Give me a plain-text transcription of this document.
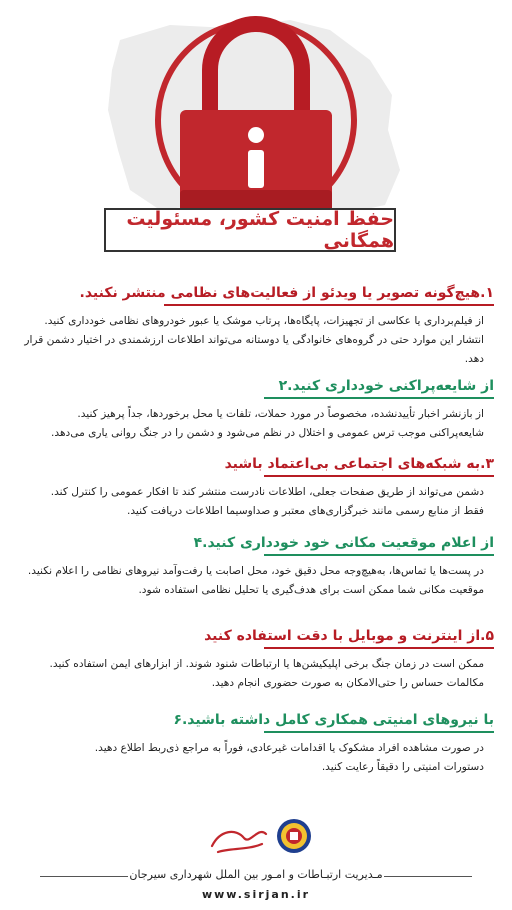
حفظ امنیت کشور، مسئولیت همگانی
۱.هیچ‌گونه تصویر یا ویدئو از فعالیت‌های نظامی منتشر نکنید.

از فیلم‌برداری یا عکاسی از تجهیزات، پایگاه‌ها، پرتاب موشک یا عبور خودروهای نظامی خودداری کنید.

انتشار این موارد حتی در گروه‌های خانوادگی یا دوستانه می‌تواند اطلاعات ارزشمندی در اختیار دشمن قرار دهد.

از شایعه‌پراکنی خودداری کنید.۲

از بازنشر اخبار تأییدنشده، مخصوصاً در مورد حملات، تلفات یا محل برخوردها، جداً پرهیز کنید.

شایعه‌پراکنی موجب ترس عمومی و اختلال در نظم می‌شود و دشمن را در جنگ روانی یاری می‌دهد.

۳.به شبکه‌های اجتماعی بی‌اعتماد باشید

دشمن می‌تواند از طریق صفحات جعلی، اطلاعات نادرست منتشر کند تا افکار عمومی را کنترل کند.

فقط از منابع رسمی مانند خبرگزاری‌های معتبر و صداوسیما اطلاعات دریافت کنید.

از اعلام موقعیت مکانی خود خودداری کنید.۴

در پست‌ها یا تماس‌ها، به‌هیچ‌وجه محل دقیق خود، محل اصابت یا رفت‌وآمد نیروهای نظامی را اعلام نکنید.

موقعیت مکانی شما ممکن است برای هدف‌گیری یا تحلیل نظامی استفاده شود.

۵.از اینترنت و موبایل با دقت استفاده کنید

ممکن است در زمان جنگ برخی اپلیکیشن‌ها یا ارتباطات شنود شوند. از ابزارهای ایمن استفاده کنید.

مکالمات حساس را حتی‌الامکان به صورت حضوری انجام دهید.

با نیروهای امنیتی همکاری کامل داشته باشید.۶

در صورت مشاهده افراد مشکوک یا اقدامات غیرعادی، فوراً به مراجع ذی‌ربط اطلاع دهید.

دستورات امنیتی را دقیقاً رعایت کنید.

مـدیریت ارتبـاطات و امـور بین الملل شهرداری سیرجان
www.sirjan.ir
